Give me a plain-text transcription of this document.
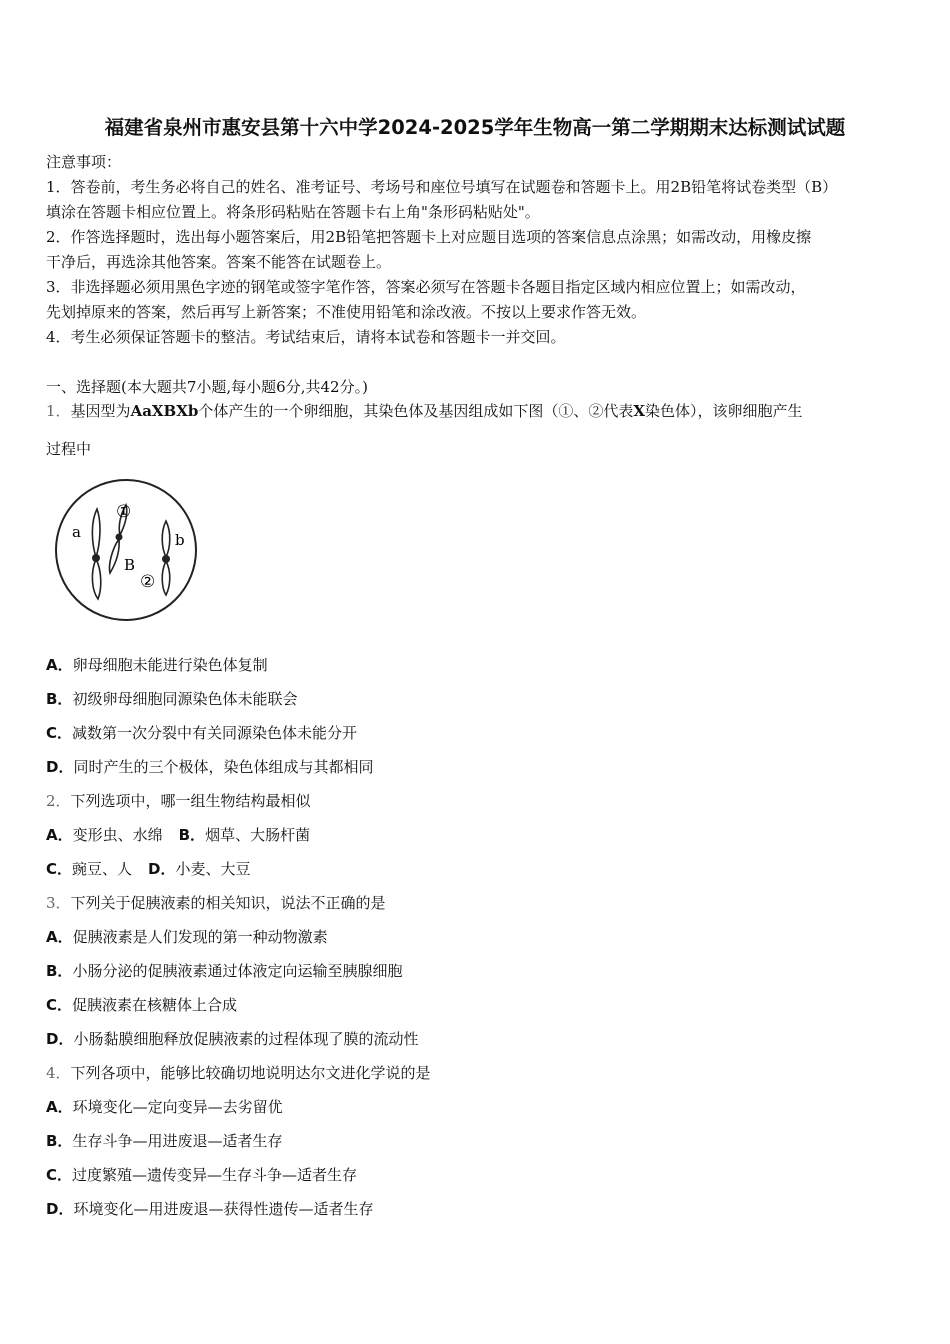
福建省泉州市惠安县第十六中学2024-2025学年生物高一第二学期期末达标测试试题
注意事项：
1．答卷前，考生务必将自己的姓名、准考证号、考场号和座位号填写在试题卷和答题卡上。用2B铅笔将试卷类型（B）
填涂在答题卡相应位置上。将条形码粘贴在答题卡右上角"条形码粘贴处"。
2．作答选择题时，选出每小题答案后，用2B铅笔把答题卡上对应题目选项的答案信息点涂黑；如需改动，用橡皮擦
干净后，再选涂其他答案。答案不能答在试题卷上。
3．非选择题必须用黑色字迹的钢笔或签字笔作答，答案必须写在答题卡各题目指定区域内相应位置上；如需改动，
先划掉原来的答案，然后再写上新答案；不准使用铅笔和涂改液。不按以上要求作答无效。
4．考生必须保证答题卡的整洁。考试结束后，请将本试卷和答题卡一并交回。
一、选择题(本大题共7小题,每小题6分,共42分。)
1．基因型为AaXBXb个体产生的一个卵细胞，其染色体及基因组成如下图（①、②代表X染色体），该卵细胞产生
过程中
a
①
B
b
②
A．卵母细胞未能进行染色体复制
B．初级卵母细胞同源染色体未能联会
C．减数第一次分裂中有关同源染色体未能分开
D．同时产生的三个极体，染色体组成与其都相同
2．下列选项中，哪一组生物结构最相似
A．变形虫、水绵 B．烟草、大肠杆菌
C．豌豆、人 D．小麦、大豆
3．下列关于促胰液素的相关知识，说法不正确的是
A．促胰液素是人们发现的第一种动物激素
B．小肠分泌的促胰液素通过体液定向运输至胰腺细胞
C．促胰液素在核糖体上合成
D．小肠黏膜细胞释放促胰液素的过程体现了膜的流动性
4．下列各项中，能够比较确切地说明达尔文进化学说的是
A．环境变化—定向变异—去劣留优
B．生存斗争—用进废退—适者生存
C．过度繁殖—遗传变异—生存斗争—适者生存
D．环境变化—用进废退—获得性遗传—适者生存
